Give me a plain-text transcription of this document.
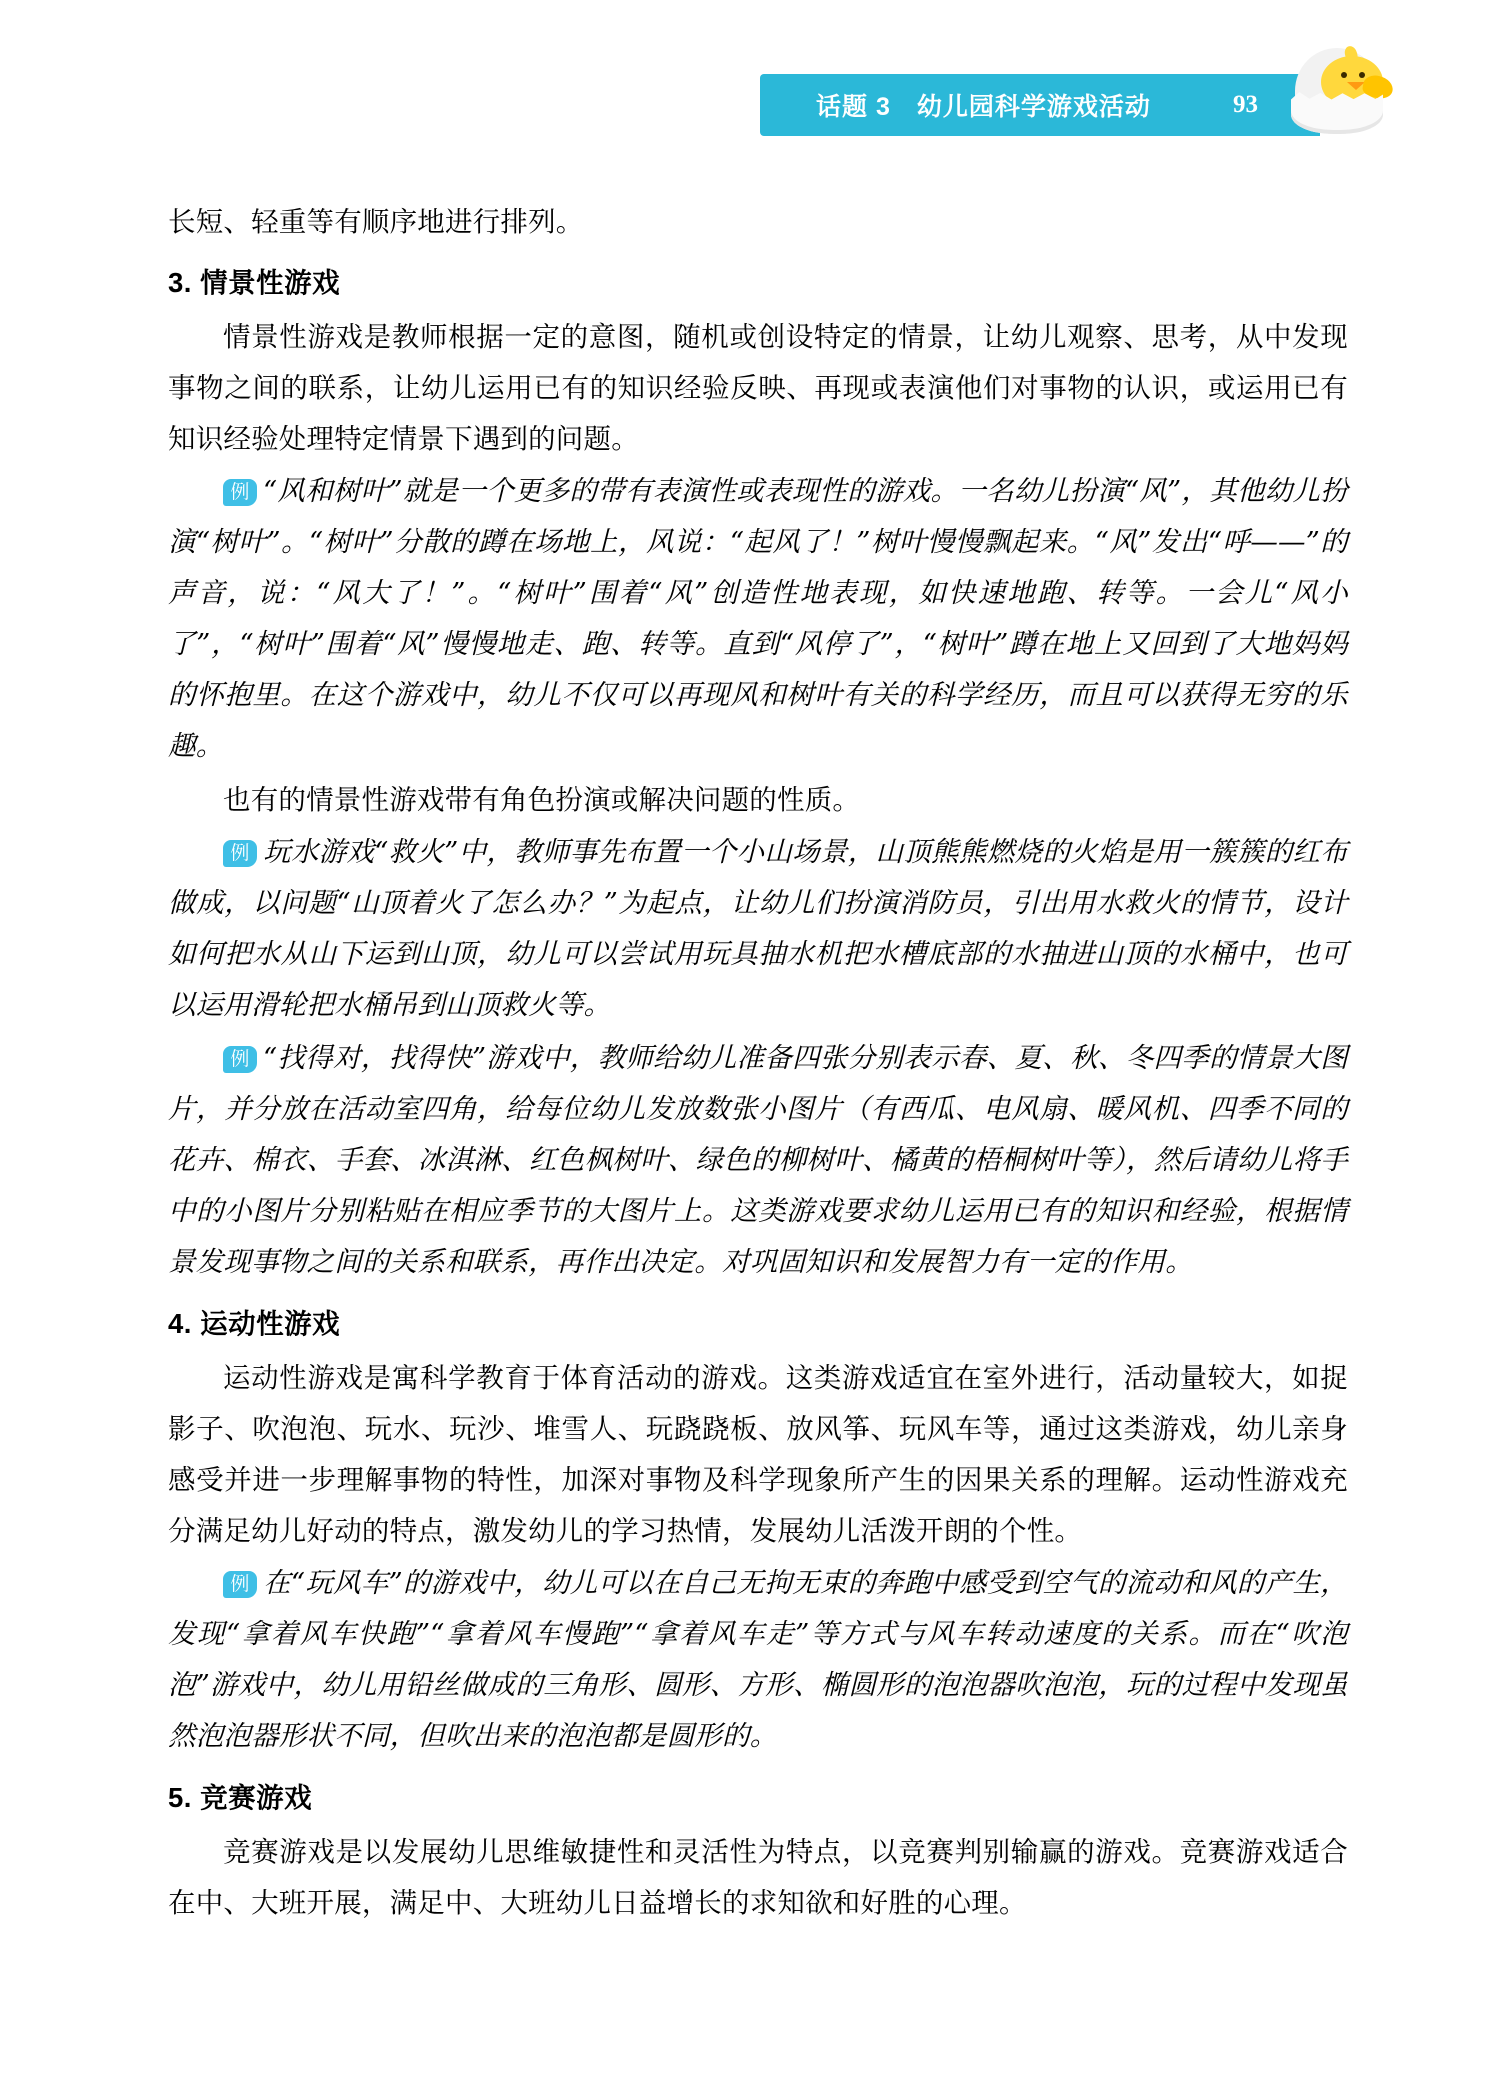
话题 3 幼儿园科学游戏活动	93

长短、轻重等有顺序地进行排列。

3. 情景性游戏

情景性游戏是教师根据一定的意图，随机或创设特定的情景，让幼儿观察、思考，从中发现事物之间的联系，让幼儿运用已有的知识经验反映、再现或表演他们对事物的认识，或运用已有知识经验处理特定情景下遇到的问题。

例 “风和树叶”就是一个更多的带有表演性或表现性的游戏。一名幼儿扮演“风”，其他幼儿扮演“树叶”。“树叶”分散的蹲在场地上，风说：“起风了！”树叶慢慢飘起来。“风”发出“呼——”的声音，说：“风大了！”。“树叶”围着“风”创造性地表现，如快速地跑、转等。一会儿“风小了”，“树叶”围着“风”慢慢地走、跑、转等。直到“风停了”，“树叶”蹲在地上又回到了大地妈妈的怀抱里。在这个游戏中，幼儿不仅可以再现风和树叶有关的科学经历，而且可以获得无穷的乐趣。

也有的情景性游戏带有角色扮演或解决问题的性质。

例 玩水游戏“救火”中，教师事先布置一个小山场景，山顶熊熊燃烧的火焰是用一簇簇的红布做成，以问题“山顶着火了怎么办？”为起点，让幼儿们扮演消防员，引出用水救火的情节，设计如何把水从山下运到山顶，幼儿可以尝试用玩具抽水机把水槽底部的水抽进山顶的水桶中，也可以运用滑轮把水桶吊到山顶救火等。

例 “找得对，找得快”游戏中，教师给幼儿准备四张分别表示春、夏、秋、冬四季的情景大图片，并分放在活动室四角，给每位幼儿发放数张小图片（有西瓜、电风扇、暖风机、四季不同的花卉、棉衣、手套、冰淇淋、红色枫树叶、绿色的柳树叶、橘黄的梧桐树叶等），然后请幼儿将手中的小图片分别粘贴在相应季节的大图片上。这类游戏要求幼儿运用已有的知识和经验，根据情景发现事物之间的关系和联系，再作出决定。对巩固知识和发展智力有一定的作用。

4. 运动性游戏

运动性游戏是寓科学教育于体育活动的游戏。这类游戏适宜在室外进行，活动量较大，如捉影子、吹泡泡、玩水、玩沙、堆雪人、玩跷跷板、放风筝、玩风车等，通过这类游戏，幼儿亲身感受并进一步理解事物的特性，加深对事物及科学现象所产生的因果关系的理解。运动性游戏充分满足幼儿好动的特点，激发幼儿的学习热情，发展幼儿活泼开朗的个性。

例 在“玩风车”的游戏中，幼儿可以在自己无拘无束的奔跑中感受到空气的流动和风的产生，发现“拿着风车快跑”“拿着风车慢跑”“拿着风车走”等方式与风车转动速度的关系。而在“吹泡泡”游戏中，幼儿用铅丝做成的三角形、圆形、方形、椭圆形的泡泡器吹泡泡，玩的过程中发现虽然泡泡器形状不同，但吹出来的泡泡都是圆形的。

5. 竞赛游戏

竞赛游戏是以发展幼儿思维敏捷性和灵活性为特点，以竞赛判别输赢的游戏。竞赛游戏适合在中、大班开展，满足中、大班幼儿日益增长的求知欲和好胜的心理。
